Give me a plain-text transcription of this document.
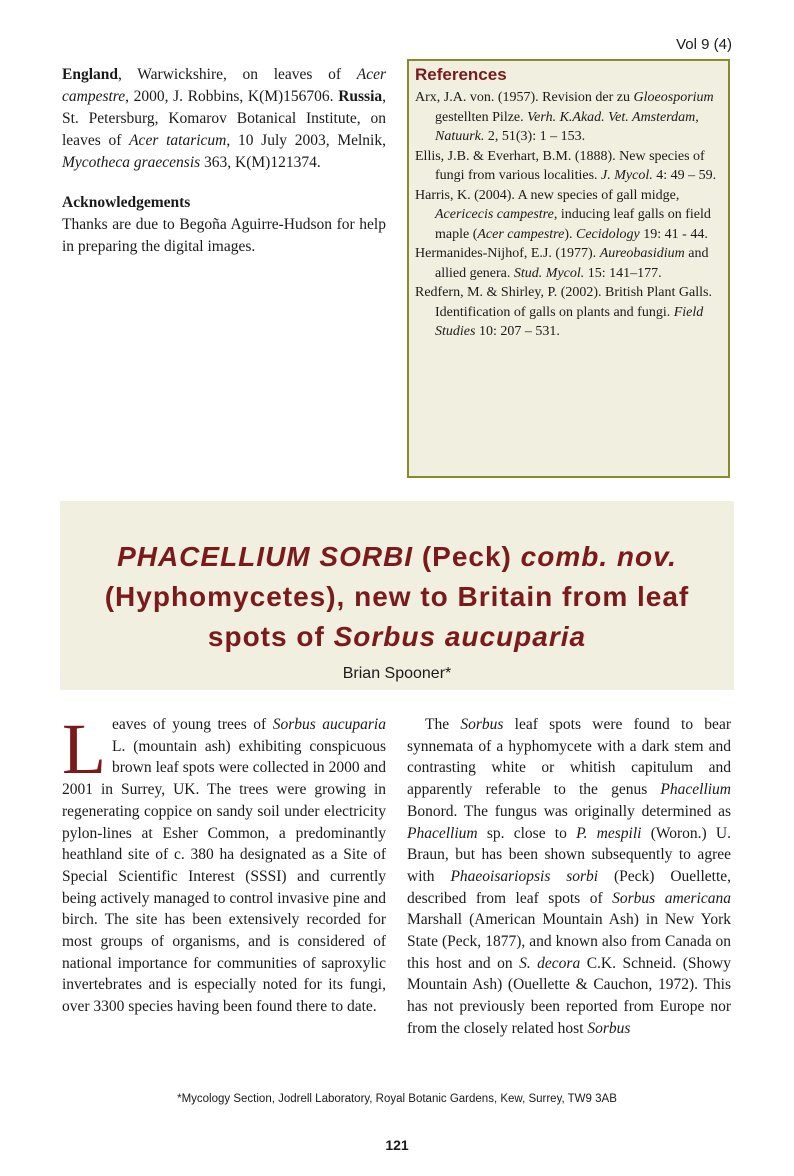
Vol 9 (4)

England, Warwickshire, on leaves of Acer campestre, 2000, J. Robbins, K(M)156706. Russia, St. Petersburg, Komarov Botanical Institute, on leaves of Acer tataricum, 10 July 2003, Melnik, Mycotheca graecensis 363, K(M)121374.

Acknowledgements

Thanks are due to Begoña Aguirre-Hudson for help in preparing the digital images.

References

Arx, J.A. von. (1957). Revision der zu Gloeosporium gestellten Pilze. Verh. K.Akad. Vet. Amsterdam, Natuurk. 2, 51(3): 1 – 153.

Ellis, J.B. & Everhart, B.M. (1888). New species of fungi from various localities. J. Mycol. 4: 49 – 59.

Harris, K. (2004). A new species of gall midge, Acericecis campestre, inducing leaf galls on field maple (Acer campestre). Cecidology 19: 41 - 44.

Hermanides-Nijhof, E.J. (1977). Aureobasidium and allied genera. Stud. Mycol. 15: 141–177.

Redfern, M. & Shirley, P. (2002). British Plant Galls. Identification of galls on plants and fungi. Field Studies 10: 207 – 531.

PHACELLIUM SORBI (Peck) comb. nov. (Hyphomycetes), new to Britain from leaf spots of Sorbus aucuparia
Brian Spooner*

Leaves of young trees of Sorbus aucuparia L. (mountain ash) exhibiting conspicuous brown leaf spots were collected in 2000 and 2001 in Surrey, UK. The trees were growing in regenerating coppice on sandy soil under electricity pylon-lines at Esher Common, a predominantly heathland site of c. 380 ha designated as a Site of Special Scientific Interest (SSSI) and currently being actively managed to control invasive pine and birch. The site has been extensively recorded for most groups of organisms, and is considered of national importance for communities of saproxylic invertebrates and is especially noted for its fungi, over 3300 species having been found there to date.

The Sorbus leaf spots were found to bear synnemata of a hyphomycete with a dark stem and contrasting white or whitish capitulum and apparently referable to the genus Phacellium Bonord. The fungus was originally determined as Phacellium sp. close to P. mespili (Woron.) U. Braun, but has been shown subsequently to agree with Phaeoisariopsis sorbi (Peck) Ouellette, described from leaf spots of Sorbus americana Marshall (American Mountain Ash) in New York State (Peck, 1877), and known also from Canada on this host and on S. decora C.K. Schneid. (Showy Mountain Ash) (Ouellette & Cauchon, 1972). This has not previously been reported from Europe nor from the closely related host Sorbus

*Mycology Section, Jodrell Laboratory, Royal Botanic Gardens, Kew, Surrey, TW9 3AB
121
